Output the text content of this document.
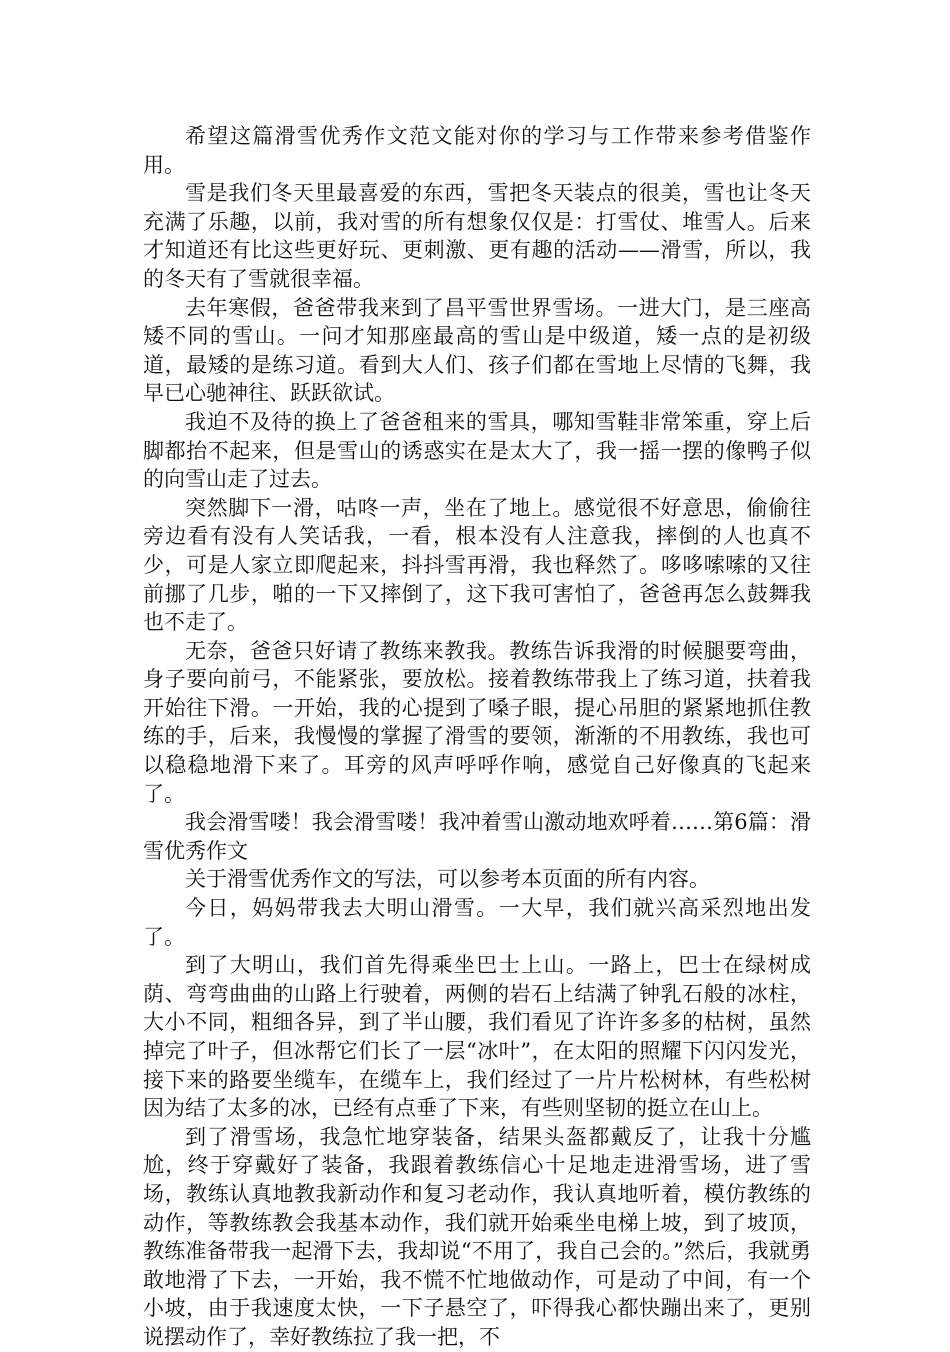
希望这篇滑雪优秀作文范文能对你的学习与工作带来参考借鉴作用。

雪是我们冬天里最喜爱的东西，雪把冬天装点的很美，雪也让冬天充满了乐趣，以前，我对雪的所有想象仅仅是：打雪仗、堆雪人。后来才知道还有比这些更好玩、更刺激、更有趣的活动——滑雪，所以，我的冬天有了雪就很幸福。

去年寒假，爸爸带我来到了昌平雪世界雪场。一进大门，是三座高矮不同的雪山。一问才知那座最高的雪山是中级道，矮一点的是初级道，最矮的是练习道。看到大人们、孩子们都在雪地上尽情的飞舞，我早已心驰神往、跃跃欲试。

我迫不及待的换上了爸爸租来的雪具，哪知雪鞋非常笨重，穿上后脚都抬不起来，但是雪山的诱惑实在是太大了，我一摇一摆的像鸭子似的向雪山走了过去。

突然脚下一滑，咕咚一声，坐在了地上。感觉很不好意思，偷偷往旁边看有没有人笑话我，一看，根本没有人注意我，摔倒的人也真不少，可是人家立即爬起来，抖抖雪再滑，我也释然了。哆哆嗦嗦的又往前挪了几步，啪的一下又摔倒了，这下我可害怕了，爸爸再怎么鼓舞我也不走了。

无奈，爸爸只好请了教练来教我。教练告诉我滑的时候腿要弯曲，身子要向前弓，不能紧张，要放松。接着教练带我上了练习道，扶着我开始往下滑。一开始，我的心提到了嗓子眼，提心吊胆的紧紧地抓住教练的手，后来，我慢慢的掌握了滑雪的要领，渐渐的不用教练，我也可以稳稳地滑下来了。耳旁的风声呼呼作响，感觉自己好像真的飞起来了。

我会滑雪喽！我会滑雪喽！我冲着雪山激动地欢呼着……第6篇：滑雪优秀作文

关于滑雪优秀作文的写法，可以参考本页面的所有内容。

今日，妈妈带我去大明山滑雪。一大早，我们就兴高采烈地出发了。

到了大明山，我们首先得乘坐巴士上山。一路上，巴士在绿树成荫、弯弯曲曲的山路上行驶着，两侧的岩石上结满了钟乳石般的冰柱，大小不同，粗细各异，到了半山腰，我们看见了许许多多的枯树，虽然掉完了叶子，但冰帮它们长了一层“冰叶”，在太阳的照耀下闪闪发光，接下来的路要坐缆车，在缆车上，我们经过了一片片松树林，有些松树因为结了太多的冰，已经有点垂了下来，有些则坚韧的挺立在山上。

到了滑雪场，我急忙地穿装备，结果头盔都戴反了，让我十分尴尬，终于穿戴好了装备，我跟着教练信心十足地走进滑雪场，进了雪场，教练认真地教我新动作和复习老动作，我认真地听着，模仿教练的动作，等教练教会我基本动作，我们就开始乘坐电梯上坡，到了坡顶，教练准备带我一起滑下去，我却说“不用了，我自己会的。”然后，我就勇敢地滑了下去，一开始，我不慌不忙地做动作，可是动了中间，有一个小坡，由于我速度太快，一下子悬空了，吓得我心都快蹦出来了，更别说摆动作了，幸好教练拉了我一把，不
